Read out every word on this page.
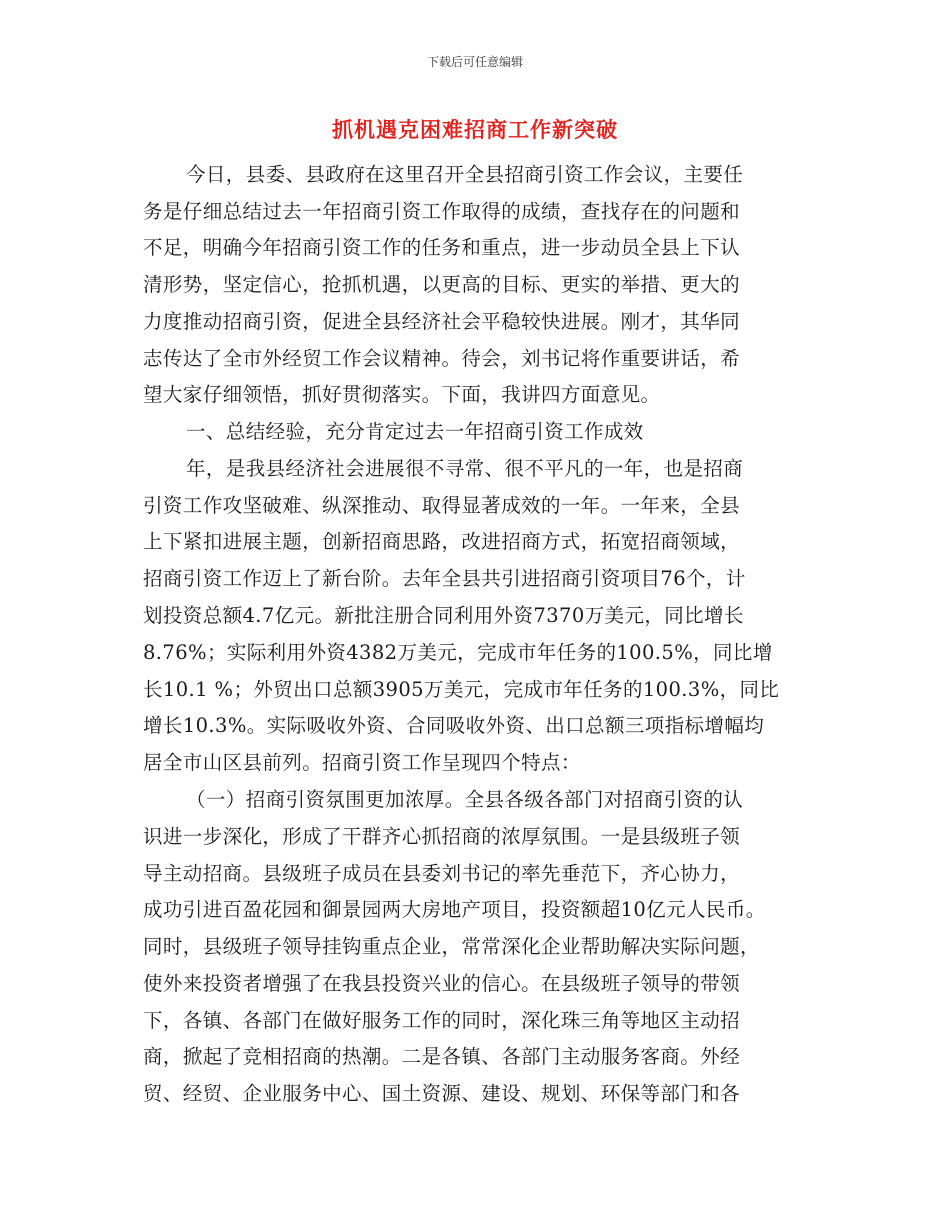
下载后可任意编辑
抓机遇克困难招商工作新突破
今日，县委、县政府在这里召开全县招商引资工作会议，主要任
务是仔细总结过去一年招商引资工作取得的成绩，查找存在的问题和
不足，明确今年招商引资工作的任务和重点，进一步动员全县上下认
清形势，坚定信心，抢抓机遇，以更高的目标、更实的举措、更大的
力度推动招商引资，促进全县经济社会平稳较快进展。刚才，其华同
志传达了全市外经贸工作会议精神。待会，刘书记将作重要讲话，希
望大家仔细领悟，抓好贯彻落实。下面，我讲四方面意见。
一、总结经验，充分肯定过去一年招商引资工作成效
年，是我县经济社会进展很不寻常、很不平凡的一年，也是招商
引资工作攻坚破难、纵深推动、取得显著成效的一年。一年来，全县
上下紧扣进展主题，创新招商思路，改进招商方式，拓宽招商领域，
招商引资工作迈上了新台阶。去年全县共引进招商引资项目76个，计
划投资总额4.7亿元。新批注册合同利用外资7370万美元，同比增长
8.76%；实际利用外资4382万美元，完成市年任务的100.5%，同比增
长10.1 %；外贸出口总额3905万美元，完成市年任务的100.3%，同比
增长10.3%。实际吸收外资、合同吸收外资、出口总额三项指标增幅均
居全市山区县前列。招商引资工作呈现四个特点：
（一）招商引资氛围更加浓厚。全县各级各部门对招商引资的认
识进一步深化，形成了干群齐心抓招商的浓厚氛围。一是县级班子领
导主动招商。县级班子成员在县委刘书记的率先垂范下，齐心协力，
成功引进百盈花园和御景园两大房地产项目，投资额超10亿元人民币。
同时，县级班子领导挂钩重点企业，常常深化企业帮助解决实际问题，
使外来投资者增强了在我县投资兴业的信心。在县级班子领导的带领
下，各镇、各部门在做好服务工作的同时，深化珠三角等地区主动招
商，掀起了竞相招商的热潮。二是各镇、各部门主动服务客商。外经
贸、经贸、企业服务中心、国土资源、建设、规划、环保等部门和各
